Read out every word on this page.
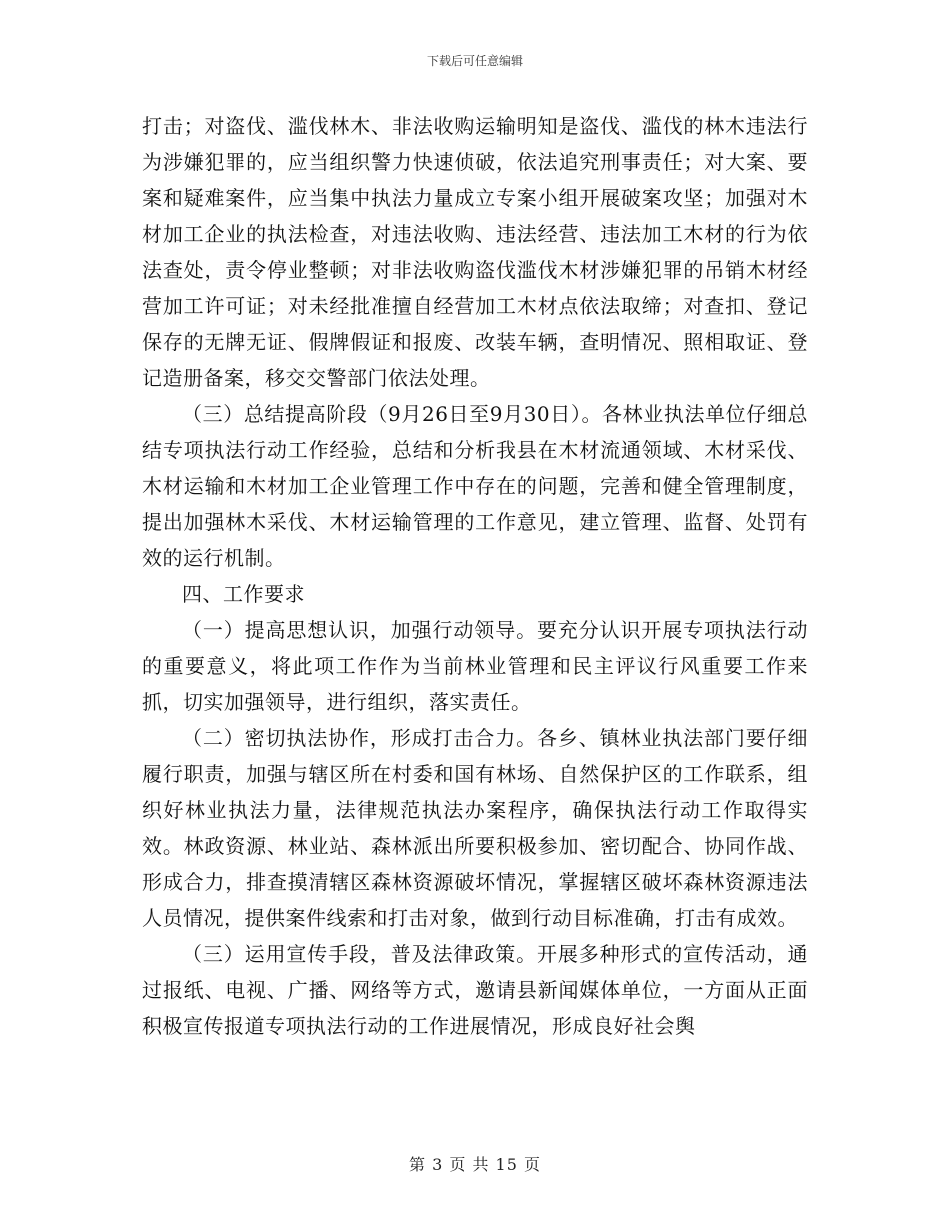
下载后可任意编辑

打击；对盗伐、滥伐林木、非法收购运输明知是盗伐、滥伐的林木违法行为涉嫌犯罪的，应当组织警力快速侦破，依法追究刑事责任；对大案、要案和疑难案件，应当集中执法力量成立专案小组开展破案攻坚；加强对木材加工企业的执法检查，对违法收购、违法经营、违法加工木材的行为依法查处，责令停业整顿；对非法收购盗伐滥伐木材涉嫌犯罪的吊销木材经营加工许可证；对未经批准擅自经营加工木材点依法取缔；对查扣、登记保存的无牌无证、假牌假证和报废、改装车辆，查明情况、照相取证、登记造册备案，移交交警部门依法处理。

（三）总结提高阶段（9月26日至9月30日）。各林业执法单位仔细总结专项执法行动工作经验，总结和分析我县在木材流通领域、木材采伐、木材运输和木材加工企业管理工作中存在的问题，完善和健全管理制度，提出加强林木采伐、木材运输管理的工作意见，建立管理、监督、处罚有效的运行机制。

四、工作要求

（一）提高思想认识，加强行动领导。要充分认识开展专项执法行动的重要意义，将此项工作作为当前林业管理和民主评议行风重要工作来抓，切实加强领导，进行组织，落实责任。

（二）密切执法协作，形成打击合力。各乡、镇林业执法部门要仔细履行职责，加强与辖区所在村委和国有林场、自然保护区的工作联系，组织好林业执法力量，法律规范执法办案程序，确保执法行动工作取得实效。林政资源、林业站、森林派出所要积极参加、密切配合、协同作战、形成合力，排查摸清辖区森林资源破坏情况，掌握辖区破坏森林资源违法人员情况，提供案件线索和打击对象，做到行动目标准确，打击有成效。

（三）运用宣传手段，普及法律政策。开展多种形式的宣传活动，通过报纸、电视、广播、网络等方式，邀请县新闻媒体单位，一方面从正面积极宣传报道专项执法行动的工作进展情况，形成良好社会舆

第 3 页 共 15 页
